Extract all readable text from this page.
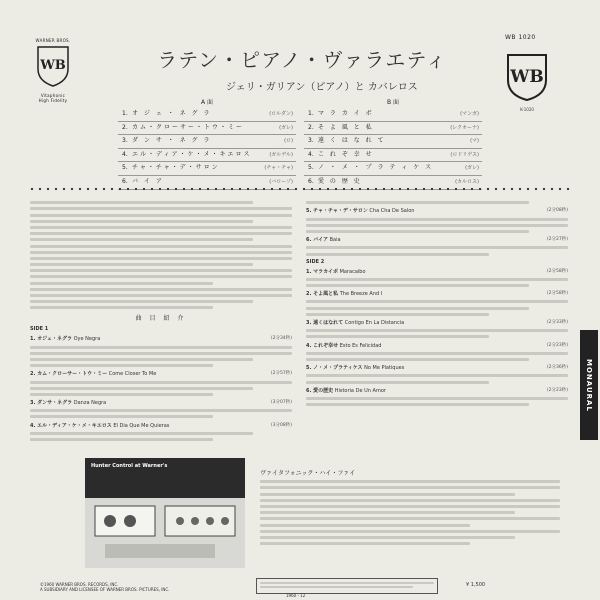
WARNER BROS.
WB
Vitaphonic
High Fidelity
WB 1020
WB
K-1020
ラテン・ピアノ・ヴァラエティ
ジェリ・ガリアン（ピアノ）と カバレロス
A 面
1. オ ジ ェ ・ ネ グ ラ	(ロルダン)
2. カム・クローサー・トウ・ミー	(ガレ)
3. ダ ン サ ・ ネ グ ラ	(ロ)
4. エル・ディア・ケ・メ・キエロス	(ガルデル)
5. チャ・チャ・デ・サロン	(チャ・チャ)
6. バ イ ア	(バローゾ)
B 面
1. マ ラ カ イ ボ	(マンガ)
2. そ よ 風 と 私	(レクオーナ)
3. 遠 く は な れ て	(マ)
4. こ れ ぞ 幸 せ	(ロドリゲス)
5. ノ ・ メ ・ プ ラ テ ィ ケ ス	(ガレ)
6. 愛 の 歴 史	(カルロス)
曲 目 紹 介
SIDE 1
1. オジェ・ネグラ Oye Negra	(2分34秒)
2. カム・クローサー・トウ・ミー Come Closer To Me	(2分57秒)
3. ダンサ・ネグラ Danza Negra	(3分07秒)
4. エル・ディア・ケ・メ・キエロス El Dia Que Me Quieras	(3分08秒)
5. チャ・チャ・デ・サロン Cha Cha De Salon	(2分08秒)
6. バイア Baia	(2分27秒)
SIDE 2
1. マラカイボ Maracaibo	(2分58秒)
2. そよ風と私 The Breeze And I	(2分58秒)
3. 遠くはなれて Contigo En La Distancia	(2分33秒)
4. これぞ幸せ Esto Es Felicidad	(2分23秒)
5. ノ・メ・プラティケス No Me Platiques	(2分36秒)
6. 愛の歴史 Historia De Un Amor	(2分23秒)
Hunter Control at Warner's
ヴァイタフォニック・ハイ・ファイ
MONAURAL
©1960 WARNER BROS. RECORDS, INC.
A SUBSIDIARY AND LICENSEE OF WARNER BROS. PICTURES, INC.
1960・12
¥ 1,500
